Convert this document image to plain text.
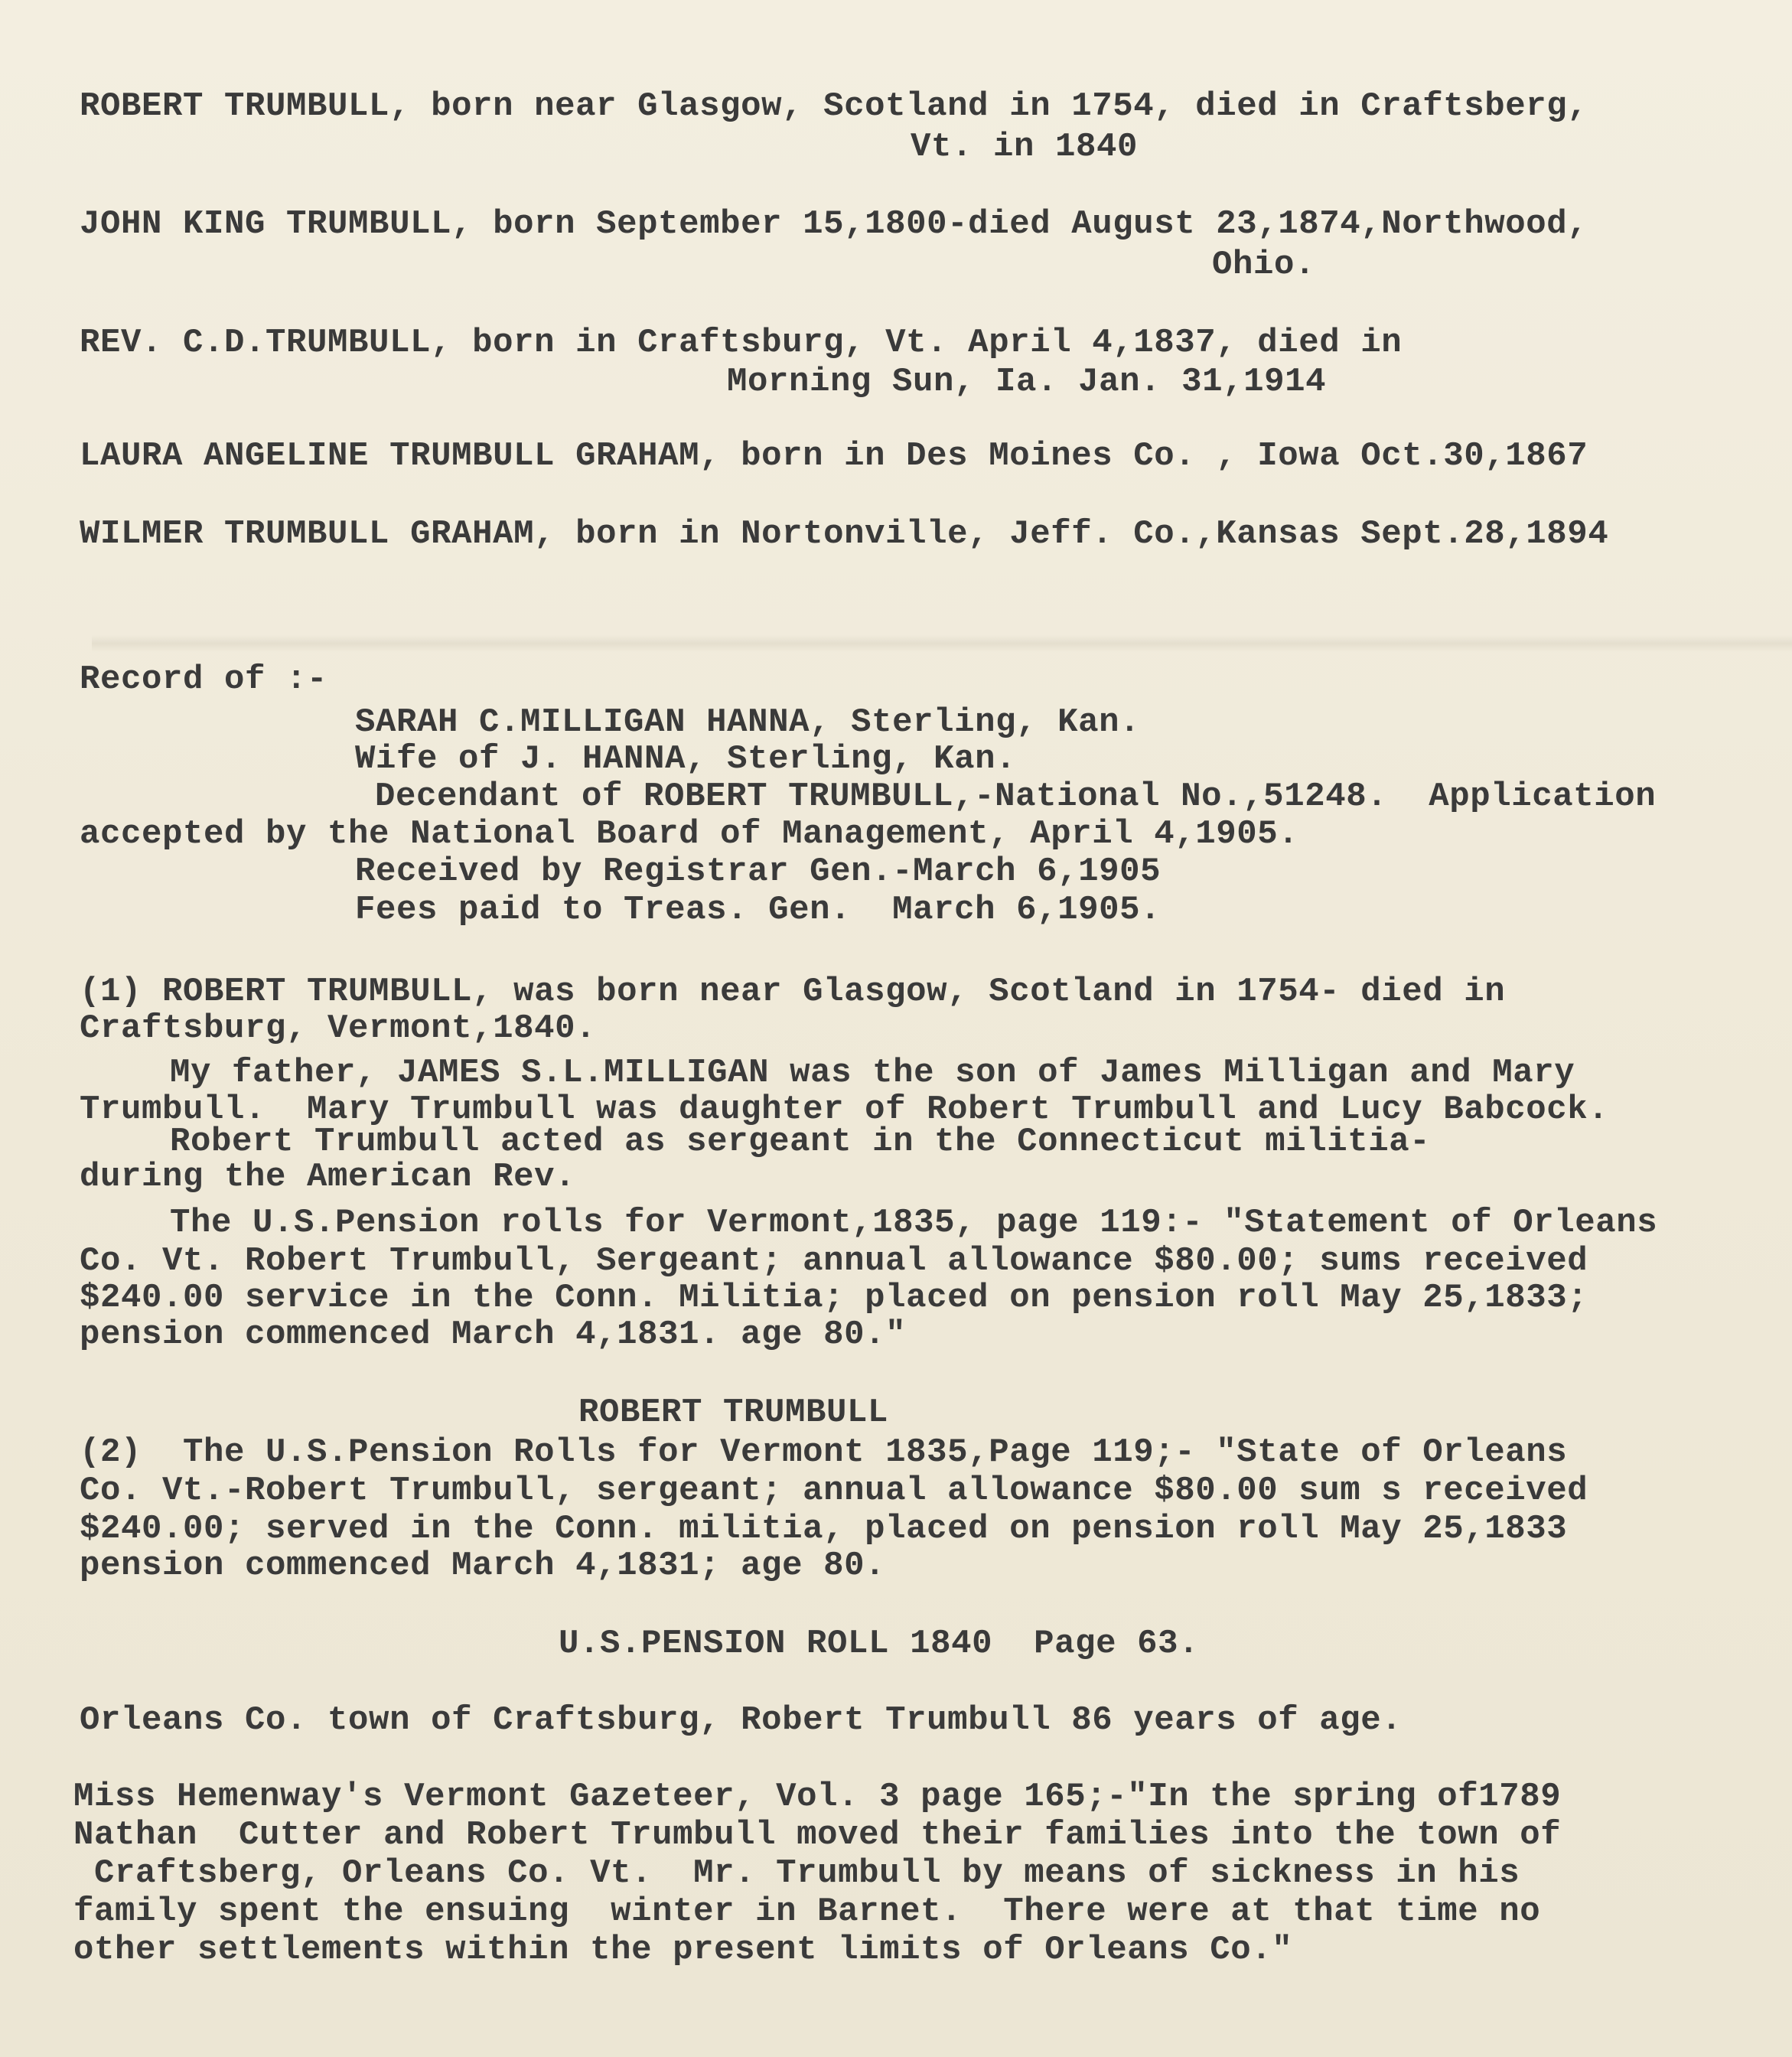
ROBERT TRUMBULL, born near Glasgow, Scotland in 1754, died in Craftsberg,

Vt. in 1840

JOHN KING TRUMBULL, born September 15,1800-died August 23,1874,Northwood,

Ohio.

REV. C.D.TRUMBULL, born in Craftsburg, Vt. April 4,1837, died in

Morning Sun, Ia. Jan. 31,1914

LAURA ANGELINE TRUMBULL GRAHAM, born in Des Moines Co. , Iowa Oct.30,1867

WILMER TRUMBULL GRAHAM, born in Nortonville, Jeff. Co.,Kansas Sept.28,1894

Record of :-

SARAH C.MILLIGAN HANNA, Sterling, Kan.

Wife of J. HANNA, Sterling, Kan.

Decendant of ROBERT TRUMBULL,-National No.,51248.  Application

accepted by the National Board of Management, April 4,1905.

Received by Registrar Gen.-March 6,1905

Fees paid to Treas. Gen.  March 6,1905.

(1) ROBERT TRUMBULL, was born near Glasgow, Scotland in 1754- died in

Craftsburg, Vermont,1840.

My father, JAMES S.L.MILLIGAN was the son of James Milligan and Mary

Trumbull.  Mary Trumbull was daughter of Robert Trumbull and Lucy Babcock.

Robert Trumbull acted as sergeant in the Connecticut militia-

during the American Rev.

The U.S.Pension rolls for Vermont,1835, page 119:- "Statement of Orleans

Co. Vt. Robert Trumbull, Sergeant; annual allowance $80.00; sums received

$240.00 service in the Conn. Militia; placed on pension roll May 25,1833;

pension commenced March 4,1831. age 80."

ROBERT TRUMBULL

(2)  The U.S.Pension Rolls for Vermont 1835,Page 119;- "State of Orleans

Co. Vt.-Robert Trumbull, sergeant; annual allowance $80.00 sum s received

$240.00; served in the Conn. militia, placed on pension roll May 25,1833

pension commenced March 4,1831; age 80.

U.S.PENSION ROLL 1840  Page 63.

Orleans Co. town of Craftsburg, Robert Trumbull 86 years of age.

Miss Hemenway's Vermont Gazeteer, Vol. 3 page 165;-"In the spring of1789

Nathan  Cutter and Robert Trumbull moved their families into the town of

Craftsberg, Orleans Co. Vt.  Mr. Trumbull by means of sickness in his

family spent the ensuing  winter in Barnet.  There were at that time no

other settlements within the present limits of Orleans Co."
